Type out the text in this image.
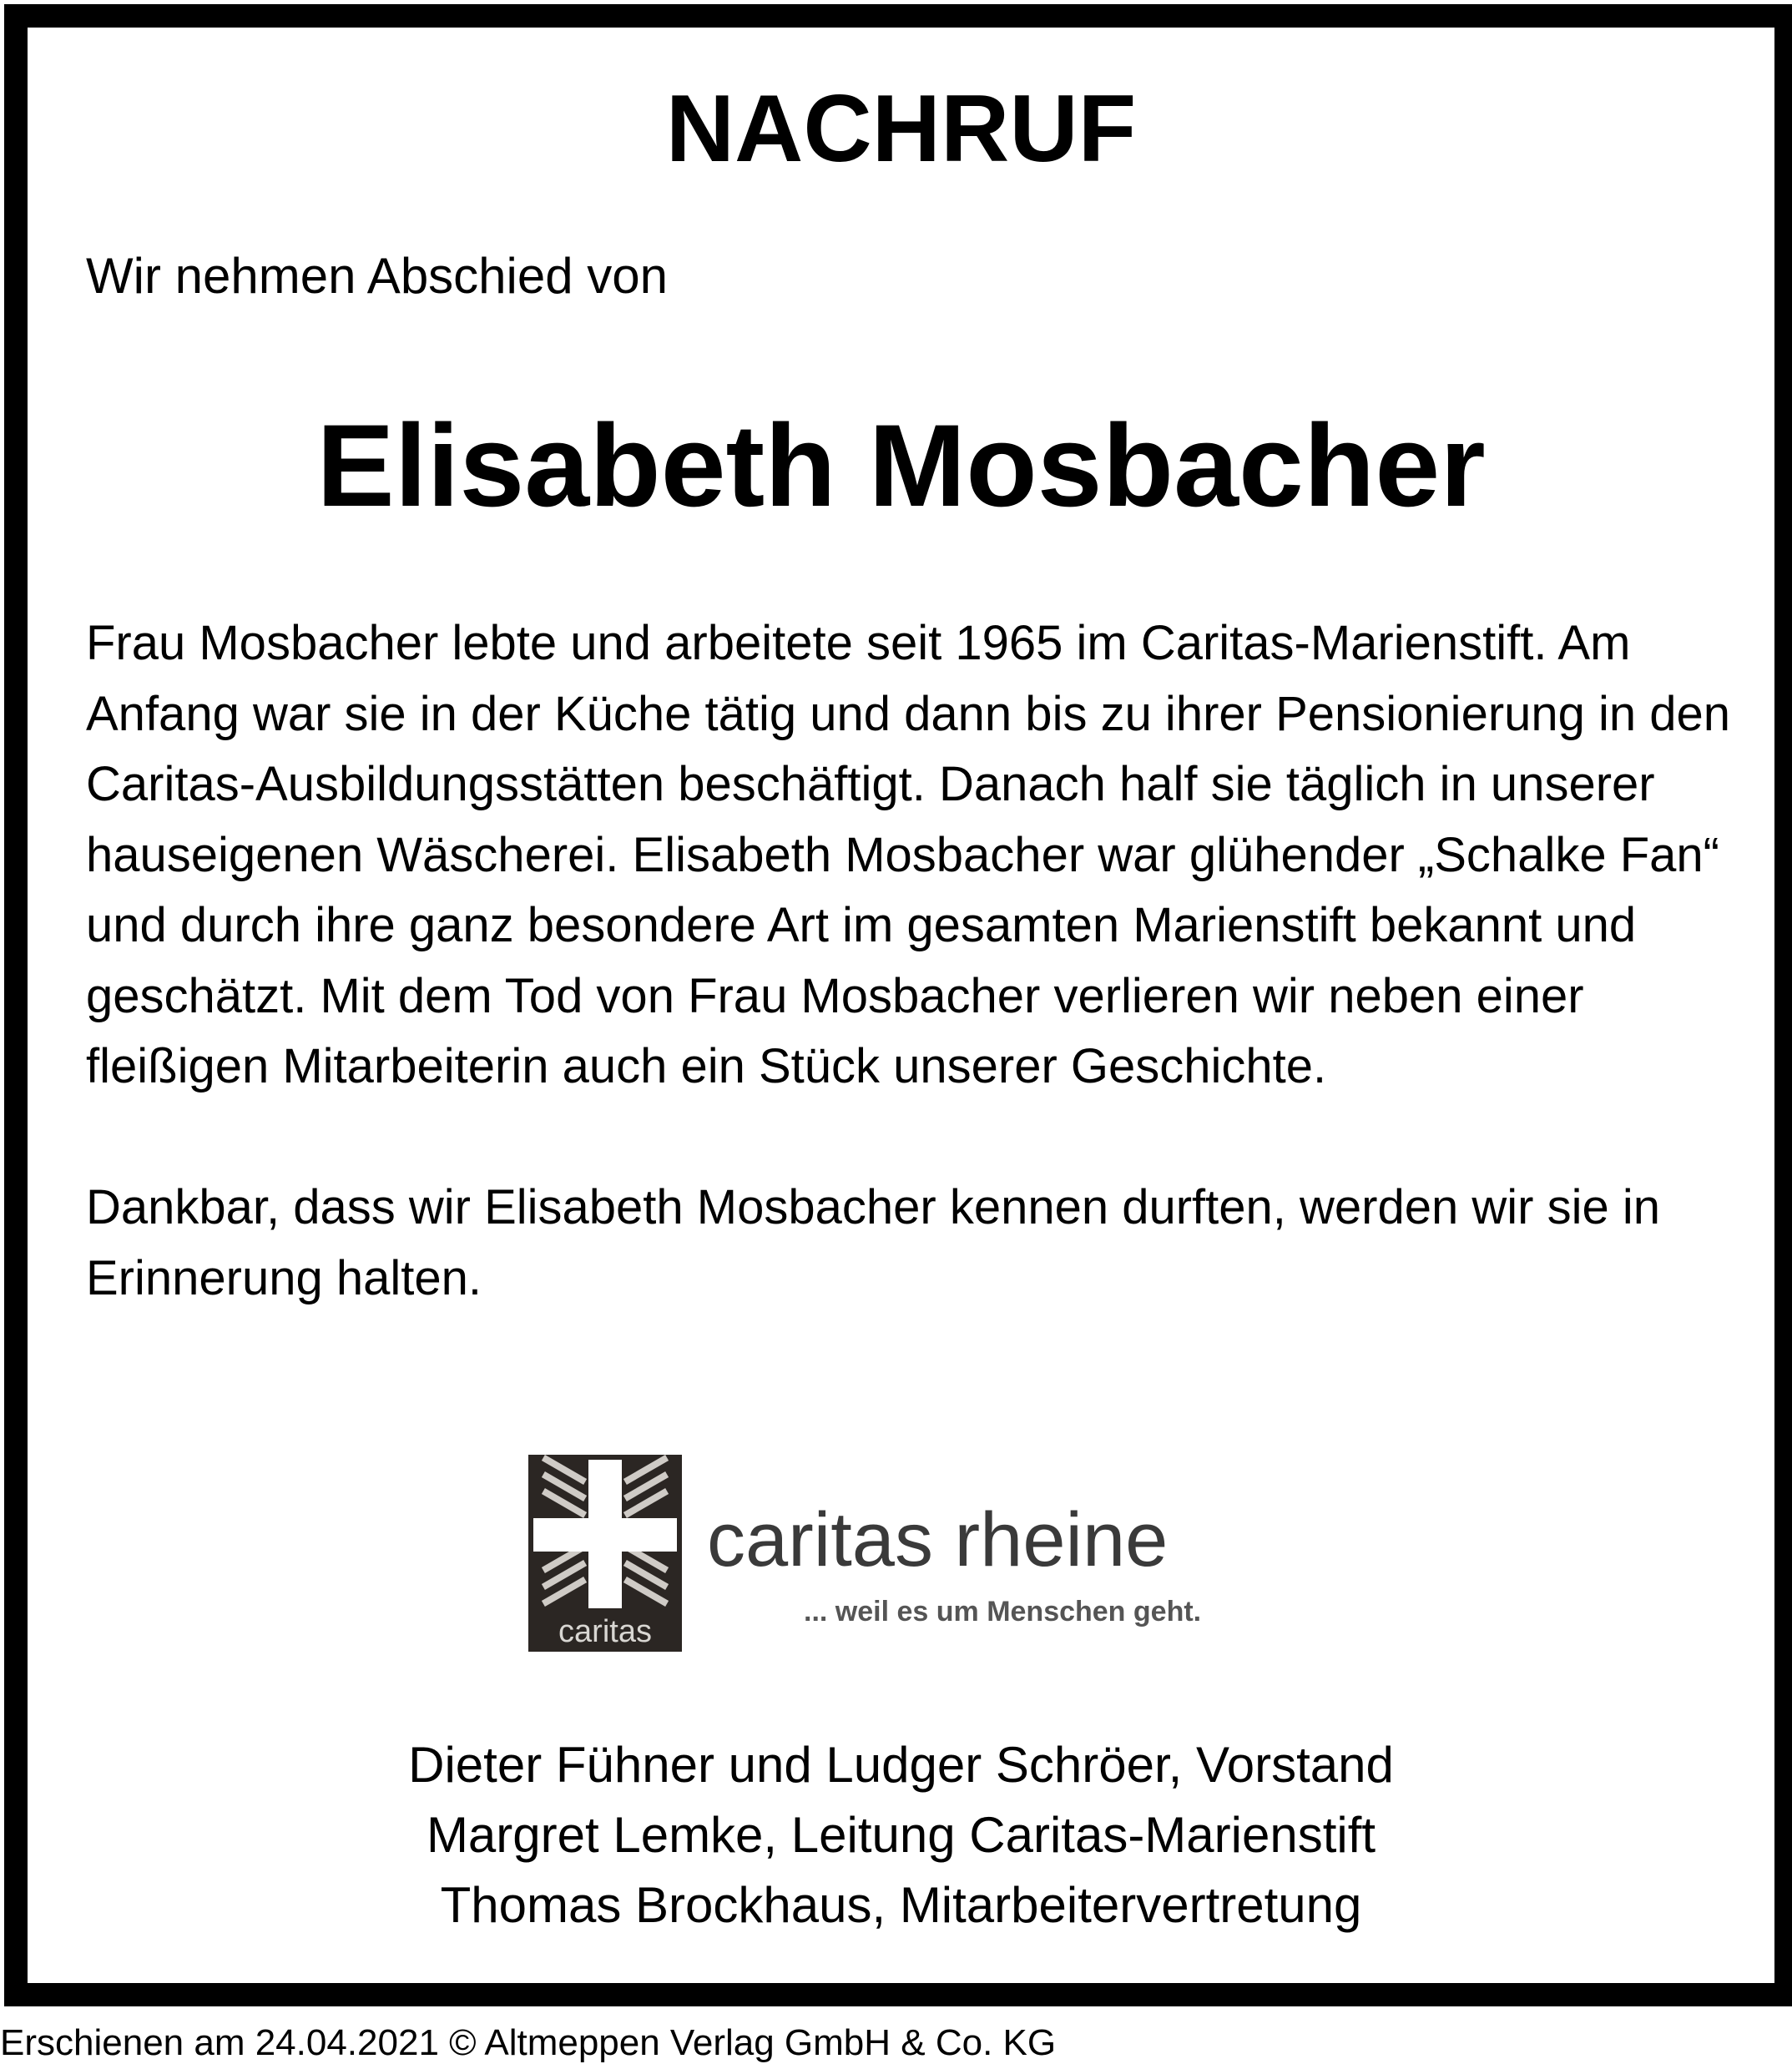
NACHRUF

Wir nehmen Abschied von

Elisabeth Mosbacher

Frau Mosbacher lebte und arbeitete seit 1965 im Caritas-Marienstift. Am Anfang war sie in der Küche tätig und dann bis zu ihrer Pensionierung in den Caritas-Ausbildungsstätten beschäftigt. Danach half sie täglich in unserer hauseigenen Wäscherei. Elisabeth Mosbacher war glühender „Schalke Fan“ und durch ihre ganz besondere Art im gesamten Marienstift bekannt und geschätzt. Mit dem Tod von Frau Mosbacher verlieren wir neben einer fleißigen Mitarbeiterin auch ein Stück unserer Geschichte.

Dankbar, dass wir Elisabeth Mosbacher kennen durften, werden wir sie in Erinnerung halten.

caritas
caritas rheine
... weil es um Menschen geht.
Dieter Fühner und Ludger Schröer, Vorstand
Margret Lemke, Leitung Caritas-Marienstift
Thomas Brockhaus, Mitarbeitervertretung
Erschienen am 24.04.2021 © Altmeppen Verlag GmbH & Co. KG
